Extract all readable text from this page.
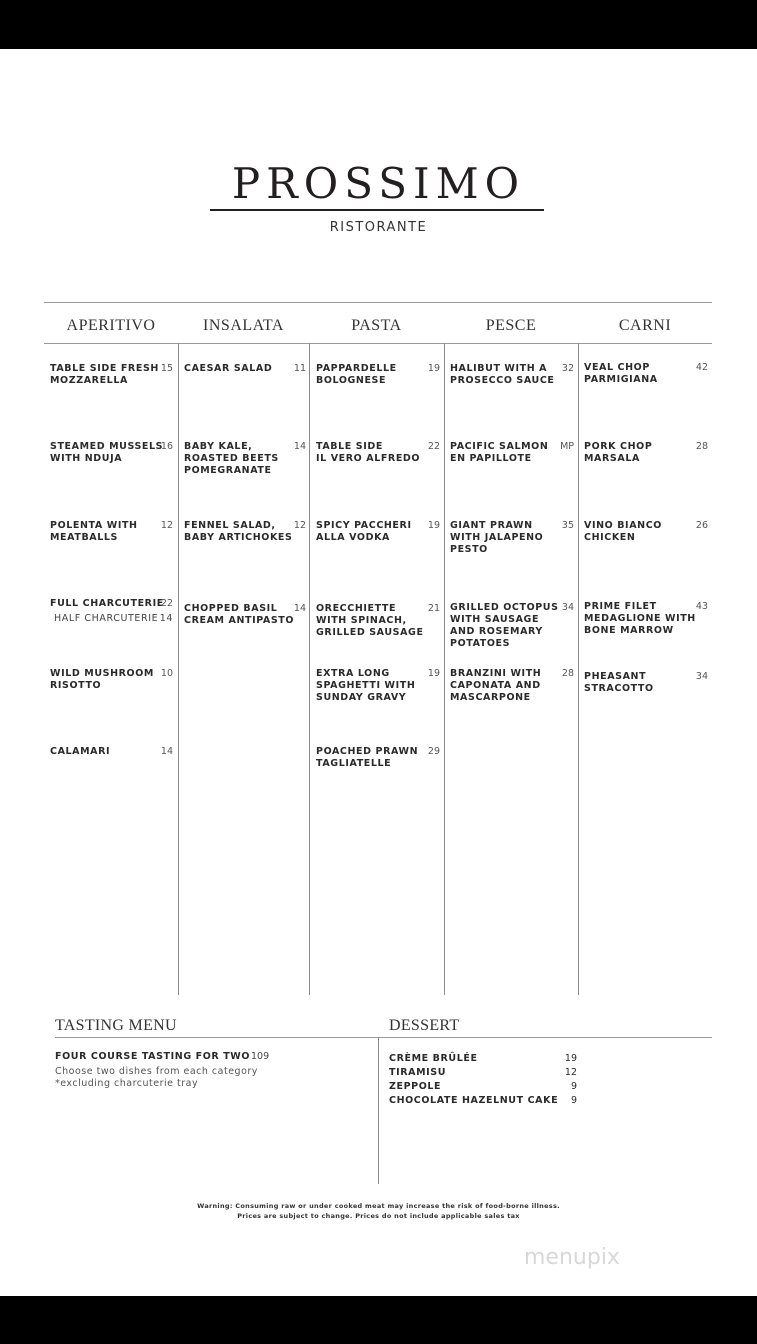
PROSSIMO
RISTORANTE
APERITIVO	INSALATA	PASTA	PESCE	CARNI
TABLE SIDE FRESH
MOZZARELLA
15
STEAMED MUSSELS
WITH NDUJA
16
POLENTA WITH
MEATBALLS
12
FULL CHARCUTERIE
22
HALF CHARCUTERIE 14
WILD MUSHROOM
RISOTTO
10
CALAMARI	14
CAESAR SALAD 11
BABY KALE,
ROASTED BEETS
POMEGRANATE
14
FENNEL SALAD,
BABY ARTICHOKES
12
CHOPPED BASIL
CREAM ANTIPASTO
14
PAPPARDELLE
BOLOGNESE
19
TABLE SIDE
IL VERO ALFREDO
22
SPICY PACCHERI
ALLA VODKA
19
ORECCHIETTE
WITH SPINACH,
GRILLED SAUSAGE
21
EXTRA LONG
SPAGHETTI WITH
SUNDAY GRAVY
19
POACHED PRAWN
TAGLIATELLE
29
HALIBUT WITH A
PROSECCO SAUCE
32
PACIFIC SALMON
EN PAPILLOTE
MP
GIANT PRAWN
WITH JALAPENO
PESTO
35
GRILLED OCTOPUS
WITH SAUSAGE
AND ROSEMARY
POTATOES
34
BRANZINI WITH
CAPONATA AND
MASCARPONE
28
VEAL CHOP
PARMIGIANA
42
PORK CHOP
MARSALA
28
VINO BIANCO
CHICKEN
26
PRIME FILET
MEDAGLIONE WITH
BONE MARROW
43
PHEASANT
STRACOTTO
34
TASTING MENU	DESSERT
FOUR COURSE TASTING FOR TWO 109
Choose two dishes from each category
*excluding charcuterie tray
CRÈME BRÛLÉE	19
TIRAMISU	12
ZEPPOLE	9
CHOCOLATE HAZELNUT CAKE 9
Warning: Consuming raw or under cooked meat may increase the risk of food-borne illness.
Prices are subject to change. Prices do not include applicable sales tax
menupix
